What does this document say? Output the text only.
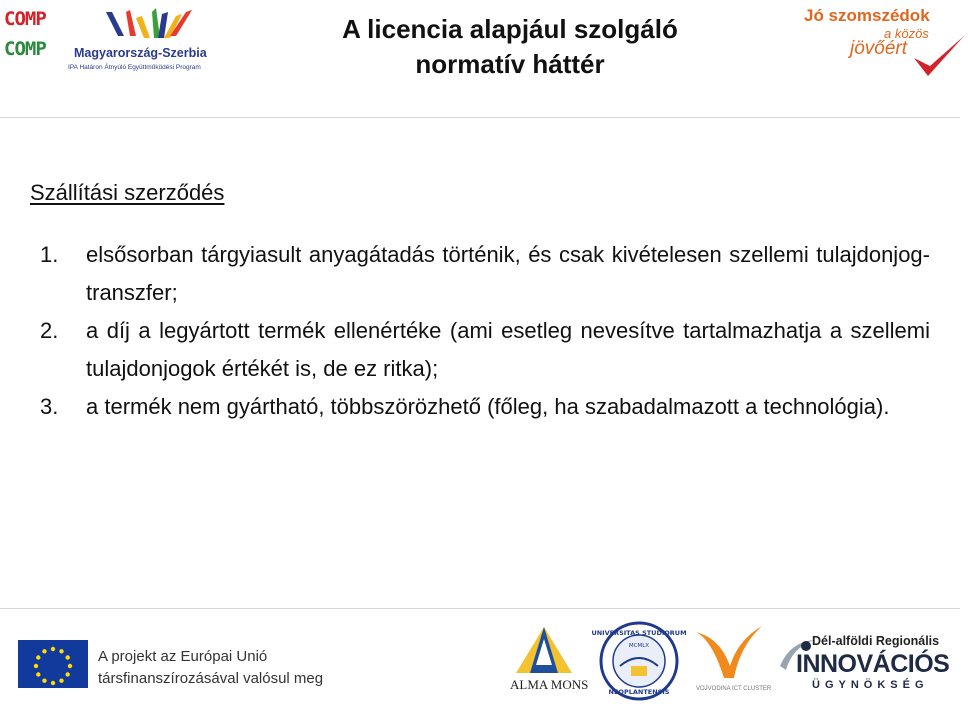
COMP
COMP	Magyarország-Szerbia
IPA Határon Átnyúló Együttműködési Program
A licencia alapjául szolgáló
normatív háttér
Jó szomszédok
a közös
jövőért
Szállítási szerződés
1. elsősorban tárgyiasult anyagátadás történik, és csak kivételesen szellemi tulajdonjog-transzfer;
2. a díj a legyártott termék ellenértéke (ami esetleg nevesítve tartalmazhatja a szellemi tulajdonjogok értékét is, de ez ritka);
3. a termék nem gyártható, többszörözhető (főleg, ha szabadalmazott a technológia).
A projekt az Európai Unió
társfinanszírozásával valósul meg	ALMA MONS
UNIVERSITAS STUDIORUM
MCMLX
NEOPLANTENSIS	VOJVODINA ICT CLUSTER
Dél-alföldi Regionális
INNOVÁCIÓS
ÜGYNÖKSÉG
